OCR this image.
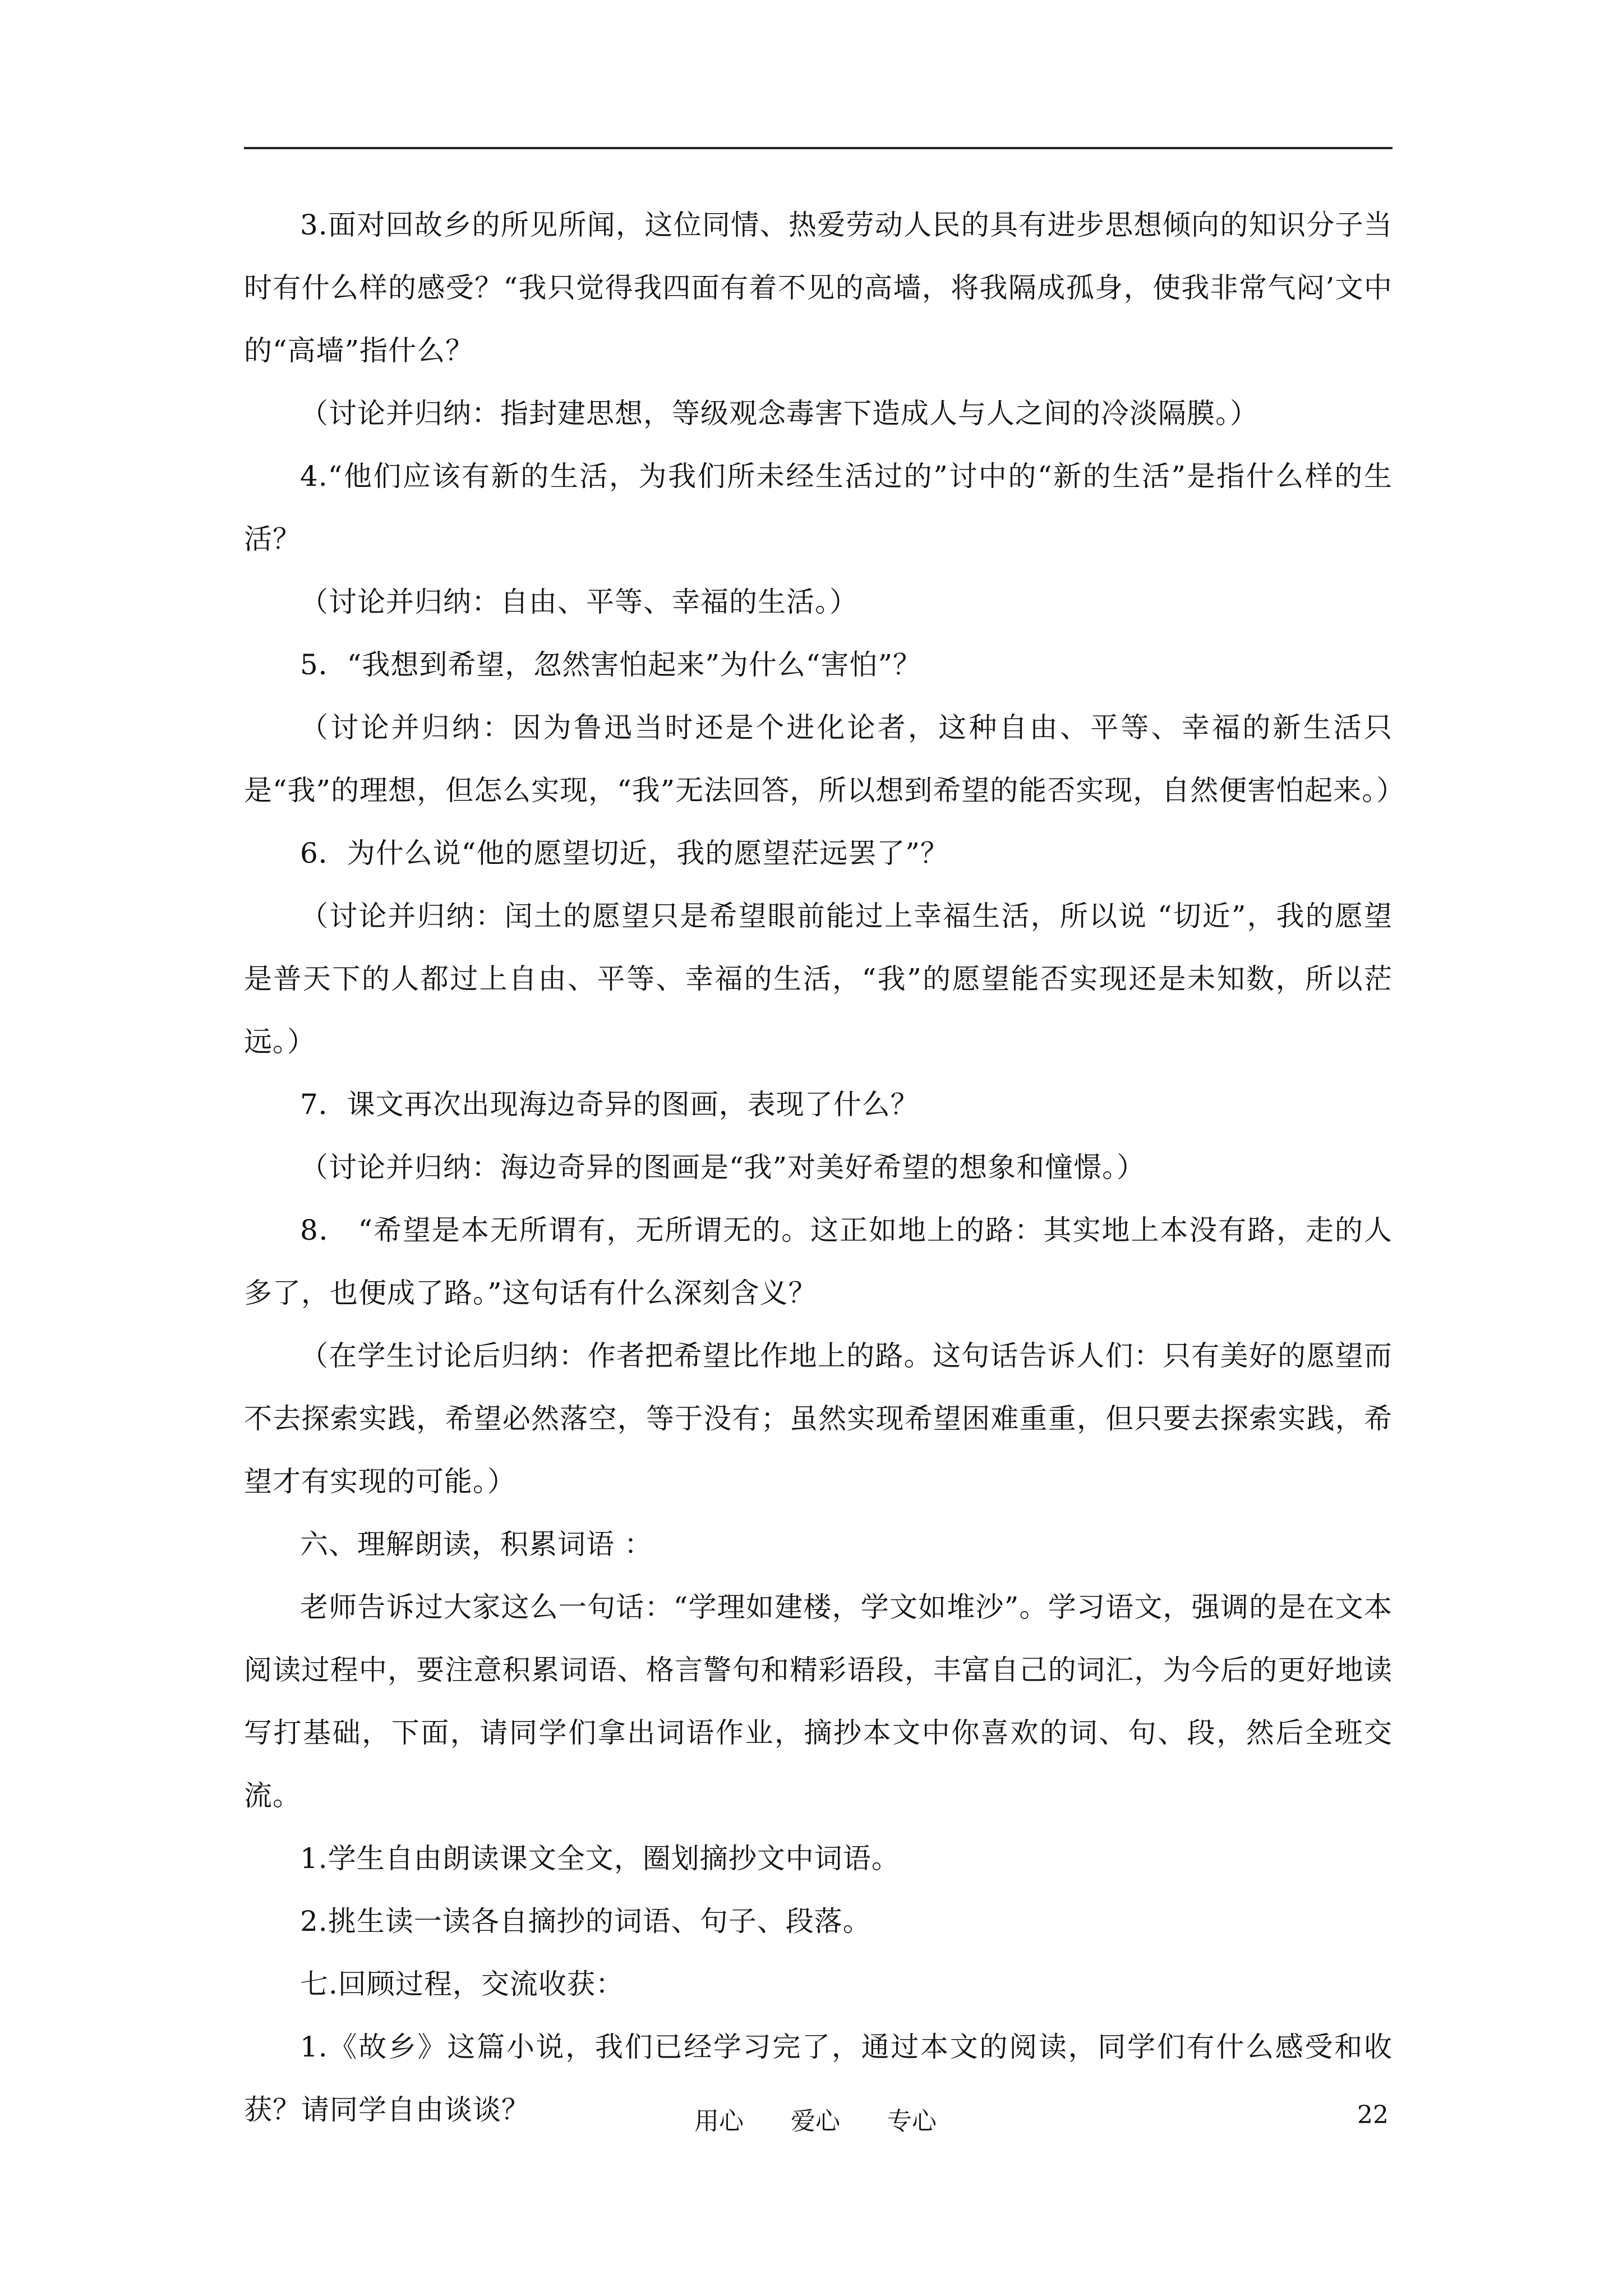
3.面对回故乡的所见所闻，这位同情、热爱劳动人民的具有进步思想倾向的知识分子当时有什么样的感受？“我只觉得我四面有着不见的高墙，将我隔成孤身，使我非常气闷’文中的“高墙”指什么？

（讨论并归纳：指封建思想，等级观念毒害下造成人与人之间的冷淡隔膜。）

4.“他们应该有新的生活，为我们所未经生活过的”讨中的“新的生活”是指什么样的生活？

（讨论并归纳：自由、平等、幸福的生活。）

5．“我想到希望，忽然害怕起来”为什么“害怕”？

（讨论并归纳：因为鲁迅当时还是个进化论者，这种自由、平等、幸福的新生活只是“我”的理想，但怎么实现，“我”无法回答，所以想到希望的能否实现，自然便害怕起来。）

6．为什么说“他的愿望切近，我的愿望茫远罢了”？

（讨论并归纳：闰土的愿望只是希望眼前能过上幸福生活，所以说 “切近”，我的愿望是普天下的人都过上自由、平等、幸福的生活，“我”的愿望能否实现还是未知数，所以茫远。）

7．课文再次出现海边奇异的图画，表现了什么？

（讨论并归纳：海边奇异的图画是“我”对美好希望的想象和憧憬。）

8． “希望是本无所谓有，无所谓无的。这正如地上的路：其实地上本没有路，走的人多了，也便成了路。”这句话有什么深刻含义？

（在学生讨论后归纳：作者把希望比作地上的路。这句话告诉人们：只有美好的愿望而不去探索实践，希望必然落空，等于没有；虽然实现希望困难重重，但只要去探索实践，希望才有实现的可能。）

六、理解朗读，积累词语 ：

老师告诉过大家这么一句话：“学理如建楼，学文如堆沙”。学习语文，强调的是在文本阅读过程中，要注意积累词语、格言警句和精彩语段，丰富自己的词汇，为今后的更好地读写打基础，下面，请同学们拿出词语作业，摘抄本文中你喜欢的词、句、段，然后全班交流。

1.学生自由朗读课文全文，圈划摘抄文中词语。

2.挑生读一读各自摘抄的词语、句子、段落。

七.回顾过程，交流收获：

1.《故乡》这篇小说，我们已经学习完了，通过本文的阅读，同学们有什么感受和收获？请同学自由谈谈？	用心  爱心  专心	22
